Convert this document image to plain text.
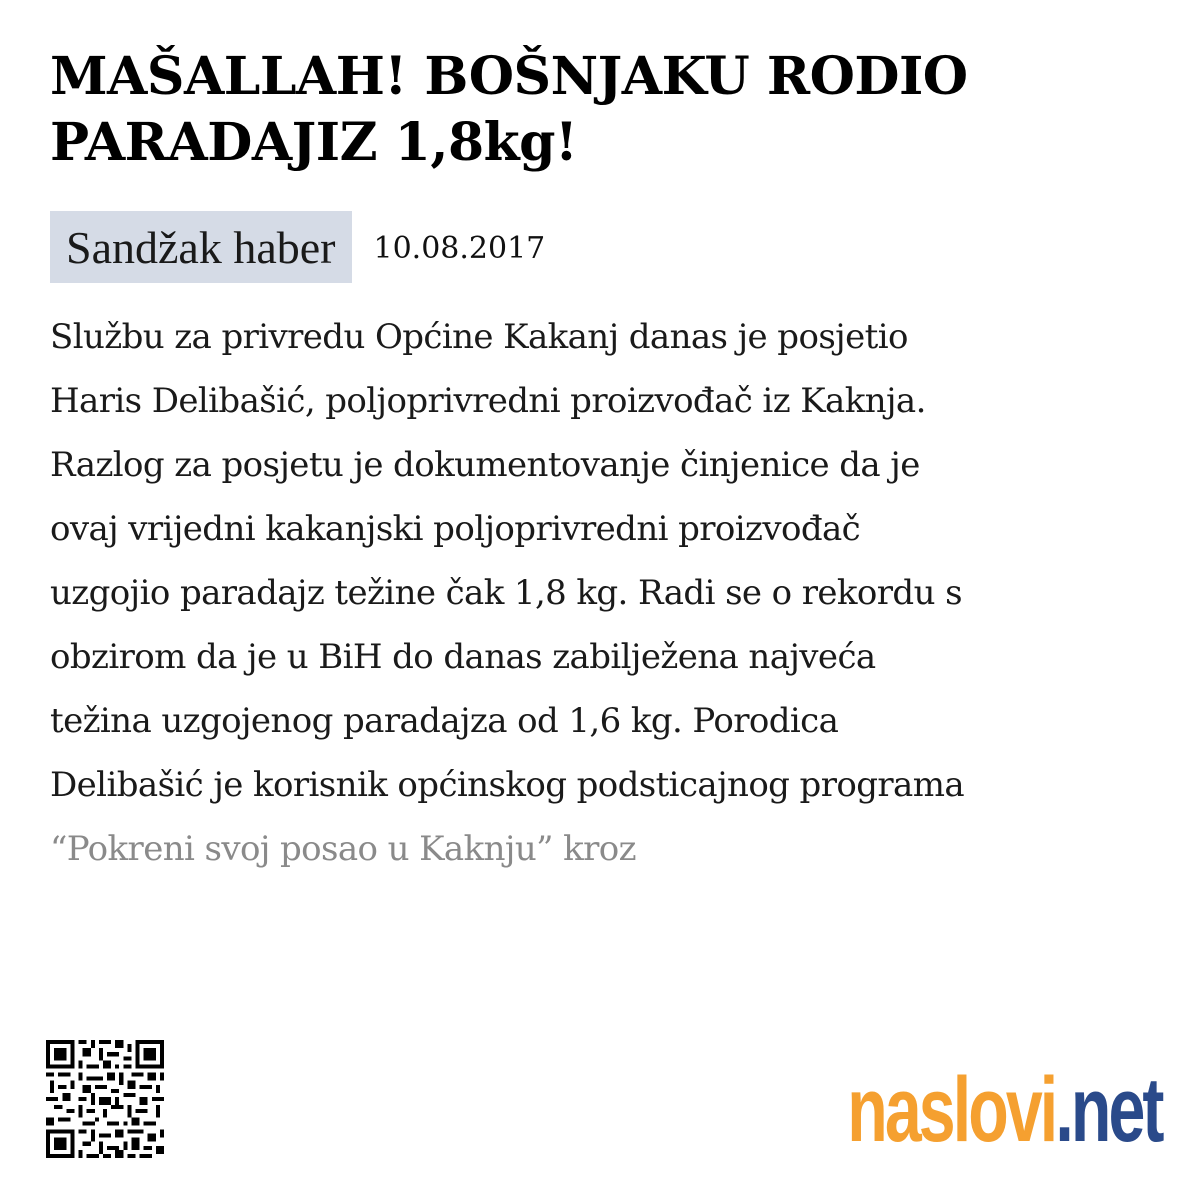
MAŠALLAH! BOŠNJAKU RODIO PARADAJIZ 1,8kg!
Sandžak haber 10.08.2017

Službu za privredu Općine Kakanj danas je posjetio
Haris Delibašić, poljoprivredni proizvođač iz Kaknja.
Razlog za posjetu je dokumentovanje činjenice da je
ovaj vrijedni kakanjski poljoprivredni proizvođač
uzgojio paradajz težine čak 1,8 kg. Radi se o rekordu s
obzirom da je u BiH do danas zabilježena najveća
težina uzgojenog paradajza od 1,6 kg. Porodica
Delibašić je korisnik općinskog podsticajnog programa
“Pokreni svoj posao u Kaknju” kroz

naslovi.net
